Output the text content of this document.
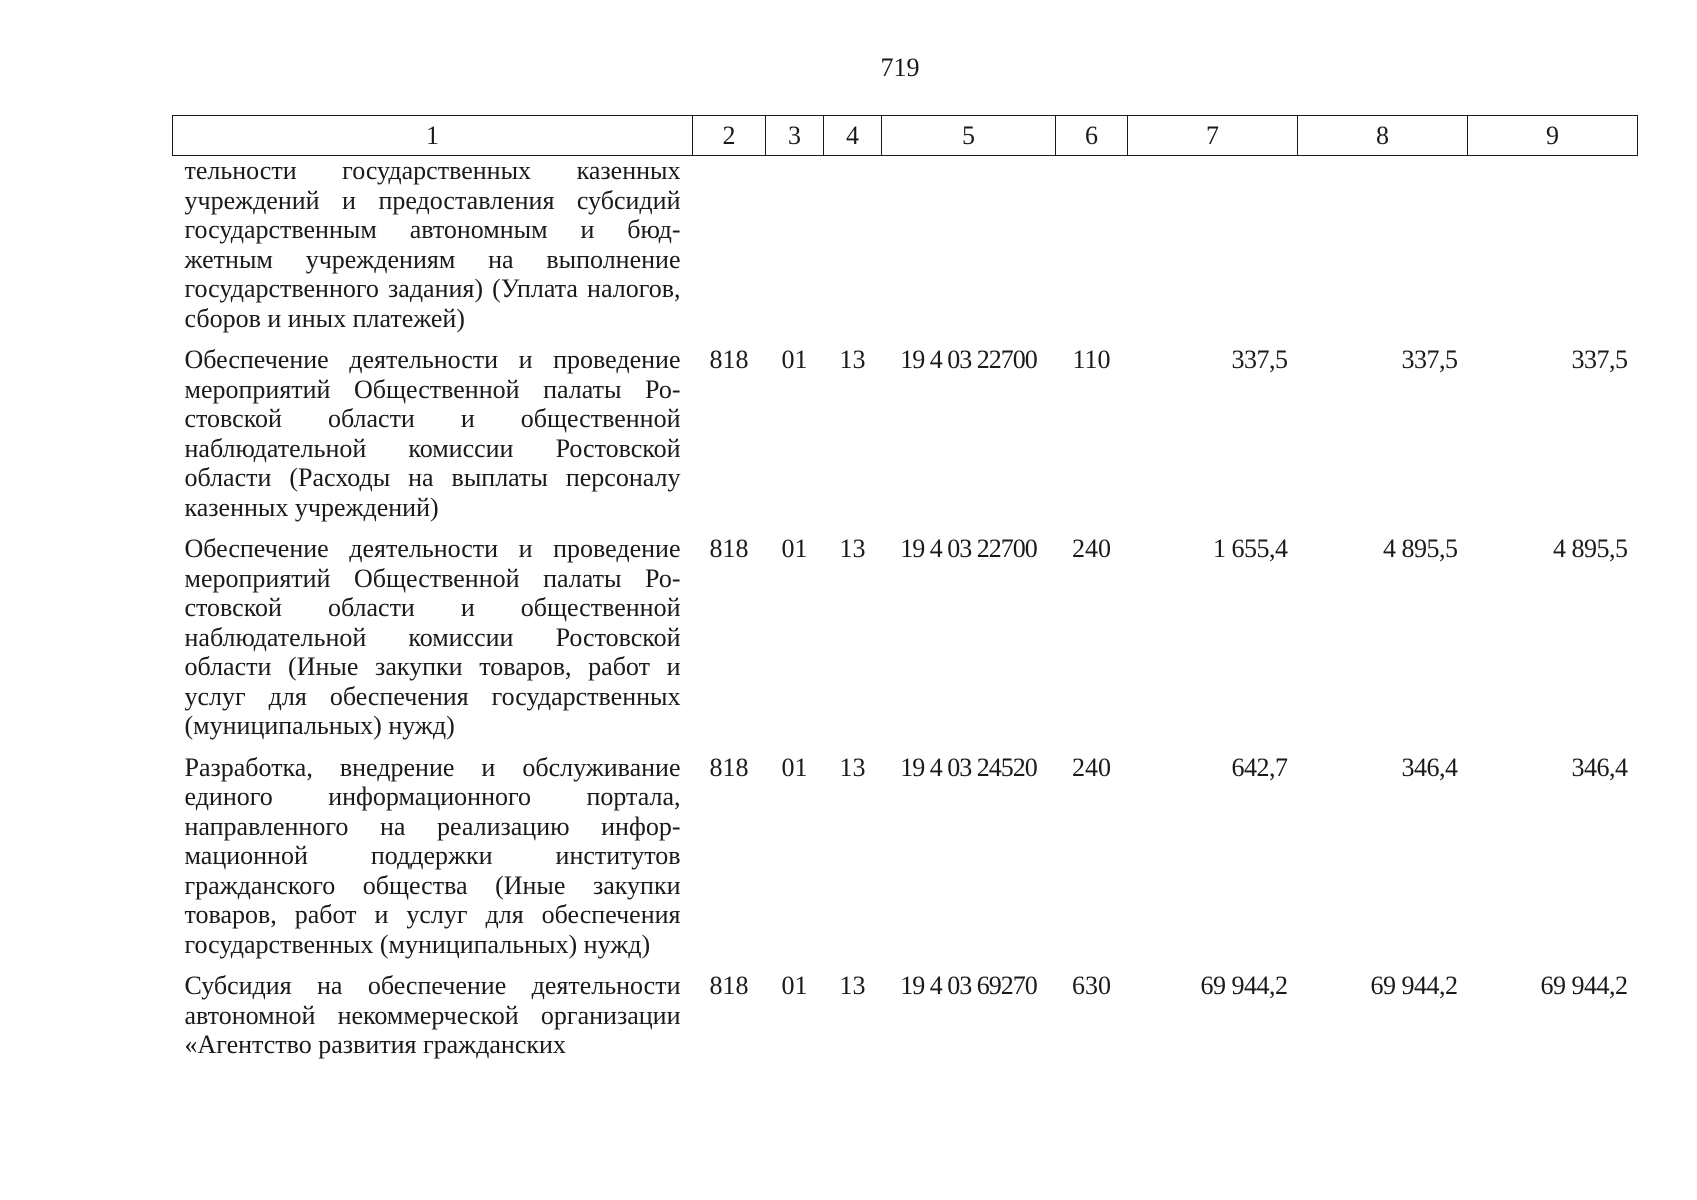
719
1	2	3	4	5	6	7	8	9
тельности государственных казенных учреждений и предоставления субсидий государственным автономным и бюджетным учреждениям на выполнение государственного задания) (Уплата налогов, сборов и иных платежей)								
Обеспечение деятельности и проведение мероприятий Общественной палаты Ростовской области и общественной наблюдательной комиссии Ростовской области (Расходы на выплаты персоналу казенных учреждений)	818	01	13	19 4 03 22700	110	337,5	337,5	337,5
Обеспечение деятельности и проведение мероприятий Общественной палаты Ростовской области и общественной наблюдательной комиссии Ростовской области (Иные закупки товаров, работ и услуг для обеспечения государственных (муниципальных) нужд)	818	01	13	19 4 03 22700	240	1 655,4	4 895,5	4 895,5
Разработка, внедрение и обслуживание единого информационного портала, направленного на реализацию информационной поддержки институтов гражданского общества (Иные закупки товаров, работ и услуг для обеспечения государственных (муниципальных) нужд)	818	01	13	19 4 03 24520	240	642,7	346,4	346,4
Субсидия на обеспечение деятельности автономной некоммерческой организации «Агентство развития гражданских	818	01	13	19 4 03 69270	630	69 944,2	69 944,2	69 944,2
